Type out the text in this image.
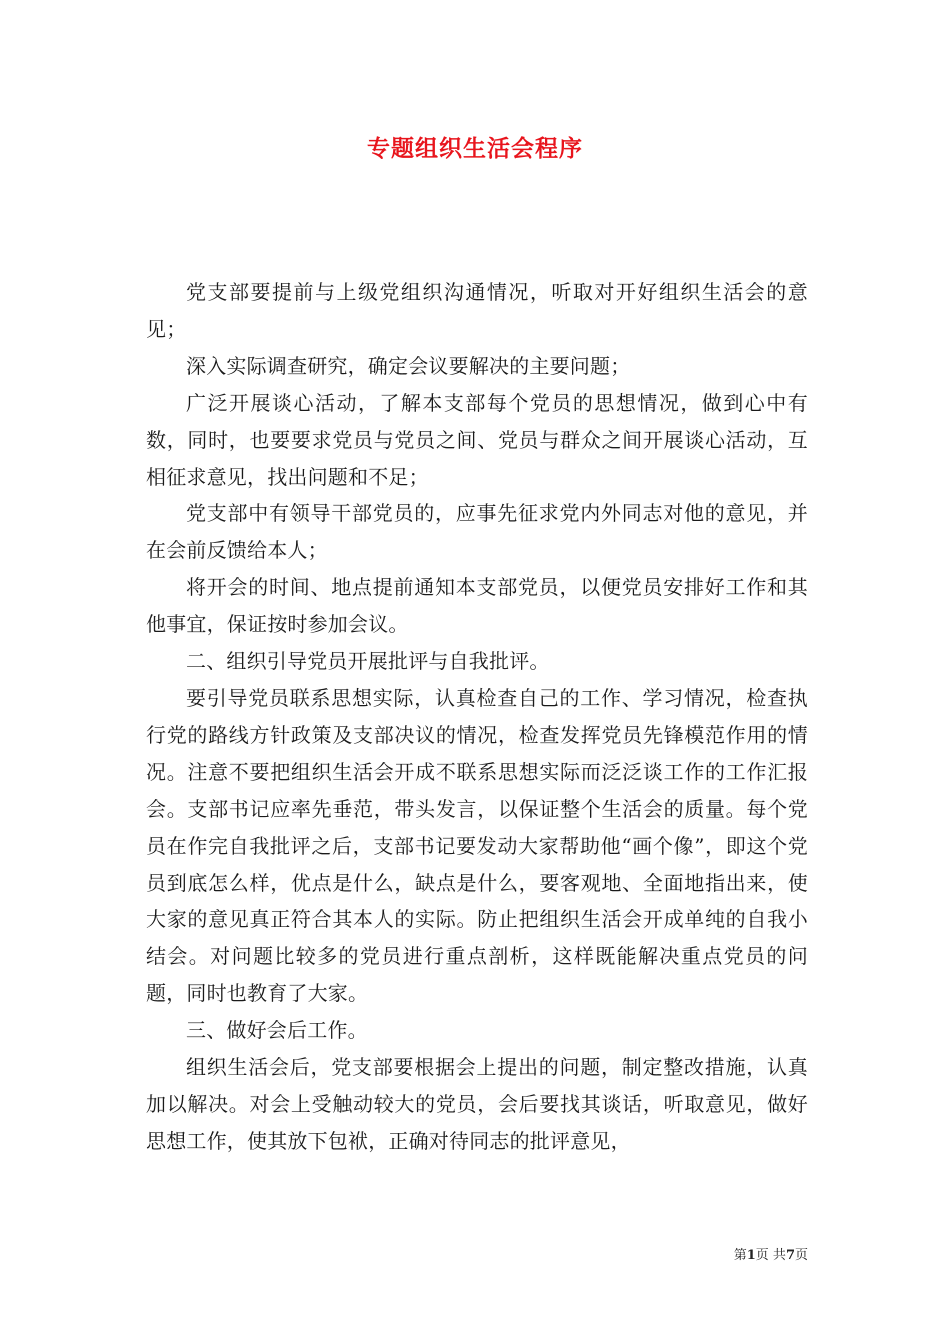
专题组织生活会程序

党支部要提前与上级党组织沟通情况，听取对开好组织生活会的意见；

深入实际调查研究，确定会议要解决的主要问题；

广泛开展谈心活动，了解本支部每个党员的思想情况，做到心中有数，同时，也要要求党员与党员之间、党员与群众之间开展谈心活动，互相征求意见，找出问题和不足；

党支部中有领导干部党员的，应事先征求党内外同志对他的意见，并在会前反馈给本人；

将开会的时间、地点提前通知本支部党员，以便党员安排好工作和其他事宜，保证按时参加会议。

二、组织引导党员开展批评与自我批评。

要引导党员联系思想实际，认真检查自己的工作、学习情况，检查执行党的路线方针政策及支部决议的情况，检查发挥党员先锋模范作用的情况。注意不要把组织生活会开成不联系思想实际而泛泛谈工作的工作汇报会。支部书记应率先垂范，带头发言，以保证整个生活会的质量。每个党员在作完自我批评之后，支部书记要发动大家帮助他“画个像”，即这个党员到底怎么样，优点是什么，缺点是什么，要客观地、全面地指出来，使大家的意见真正符合其本人的实际。防止把组织生活会开成单纯的自我小结会。对问题比较多的党员进行重点剖析，这样既能解决重点党员的问题，同时也教育了大家。

三、做好会后工作。

组织生活会后，党支部要根据会上提出的问题，制定整改措施，认真加以解决。对会上受触动较大的党员，会后要找其谈话，听取意见，做好思想工作，使其放下包袱，正确对待同志的批评意见，

第1页 共7页
